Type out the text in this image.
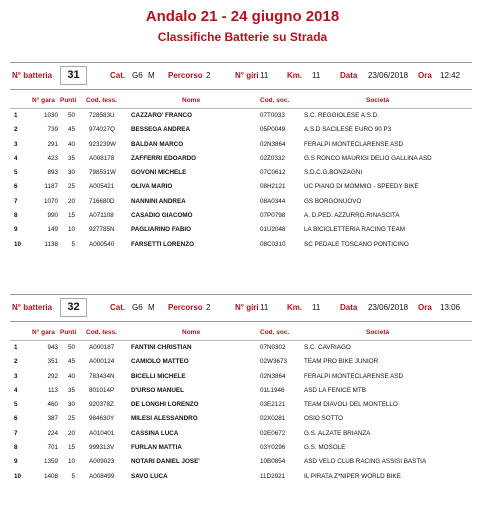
Andalo 21 - 24 giugno 2018
Classifiche Batterie su Strada
N° batteria	31	Cat. G6 M Percorso 2	N° giri 11 Km. 11 Data 23/06/2018 Ora 12:42
N° gara Punti Cod. tess.	Nome	Cod. soc.	Società
1	1030	50 728583U	CAZZARO' FRANCO	07T0033	S.C. REGGIOLESE A.S.D.
2	739	45 974027Q	BESSEGA ANDREA	05P0049	A.S.D SACILESE EURO 90 P3
3	291	40 923239W BALDAN MARCO	02N3864	FERALPI MONTECLARENSE ASD
4	423	35 A008178	ZAFFERRI EDOARDO	02Z0332	G.S RONCO MAURIGI DELIO GALLINA ASD
5	893	30 798531W GOVONI MICHELE	07C0612	S.D.C.G.BONZAGNI
6	1187	25 A005421	OLIVA MARIO	08H2121	UC PIANO DI MOMMIO - SPEEDY BIKE
7	1070	20 716680D	NANNINI ANDREA	08A0344	GS BORGONUOVO
8	990	15 A071108	CASADIO GIACOMO	07P0798	A. D.PED. AZZURRO.RINASCITA
9	149	10 927785N	PAGLIARINO FABIO	01U2048	LA BICICLETTERIA RACING TEAM
10	1138	5 A000540	FARSETTI LORENZO	08C0310	SC PEDALE TOSCANO PONTICINO
N° batteria	32	Cat. G6 M Percorso 2	N° giri 11 Km. 11 Data 23/06/2018 Ora 13:06
N° gara Punti Cod. tess.	Nome	Cod. soc.	Società
1	943	50 A000187	FANTINI CHRISTIAN	07N0302	S.C. CAVRIAGO
2	351	45 A000124	CAMIOLO MATTEO	02W3673	TEAM PRO BIKE JUNIOR
3	292	40 783434N	BICELLI MICHELE	02N3864	FERALPI MONTECLARENSE ASD
4	113	35 801014P	D'URSO MANUEL	01L1946	ASD LA FENICE MTB
5	460	30 920378Z	DE LONGHI LORENZO	03E2121	TEAM DIAVOLI DEL MONTELLO
6	387	25 984630Y	MILESI ALESSANDRO	02X0281	OSIO SOTTO
7	224	20 A010401	CASSINA LUCA	02E0672	G.S. ALZATE BRIANZA
8	701	15 999313V	FURLAN MATTIA	03Y0296	G.S. MOSOLE
9	1359	10 A009023	NOTARI DANIEL JOSE'	10B0854	ASD VELO CLUB RACING ASSISI BASTIA
10	1408	5 A008499	SAVO LUCA	11D2921	IL PIRATA Z*NIPER WORLD BIKE
